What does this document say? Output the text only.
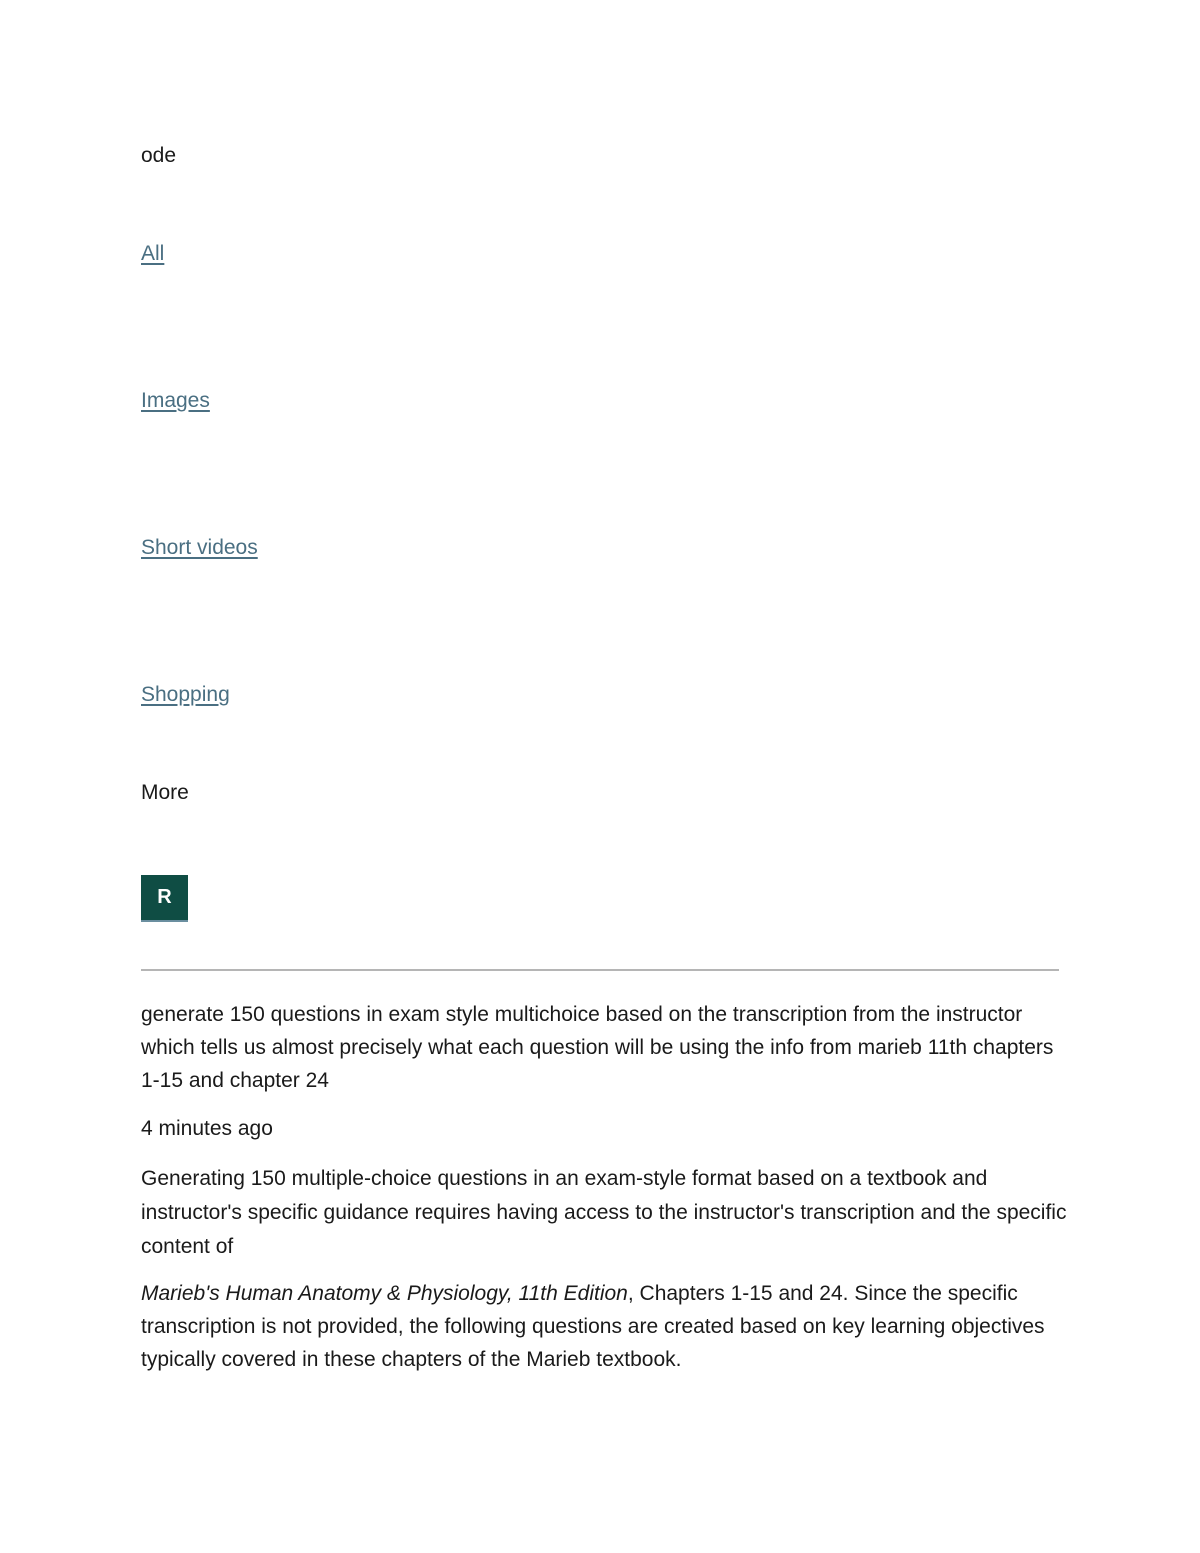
ode
All
Images
Short videos
Shopping
More
R

generate 150 questions in exam style multichoice based on the transcription from the instructor which tells us almost precisely what each question will be using the info from marieb 11th chapters 1-15 and chapter 24

4 minutes ago

Generating 150 multiple-choice questions in an exam-style format based on a textbook and instructor's specific guidance requires having access to the instructor's transcription and the specific content of

Marieb's Human Anatomy & Physiology, 11th Edition, Chapters 1-15 and 24. Since the specific transcription is not provided, the following questions are created based on key learning objectives typically covered in these chapters of the Marieb textbook.
